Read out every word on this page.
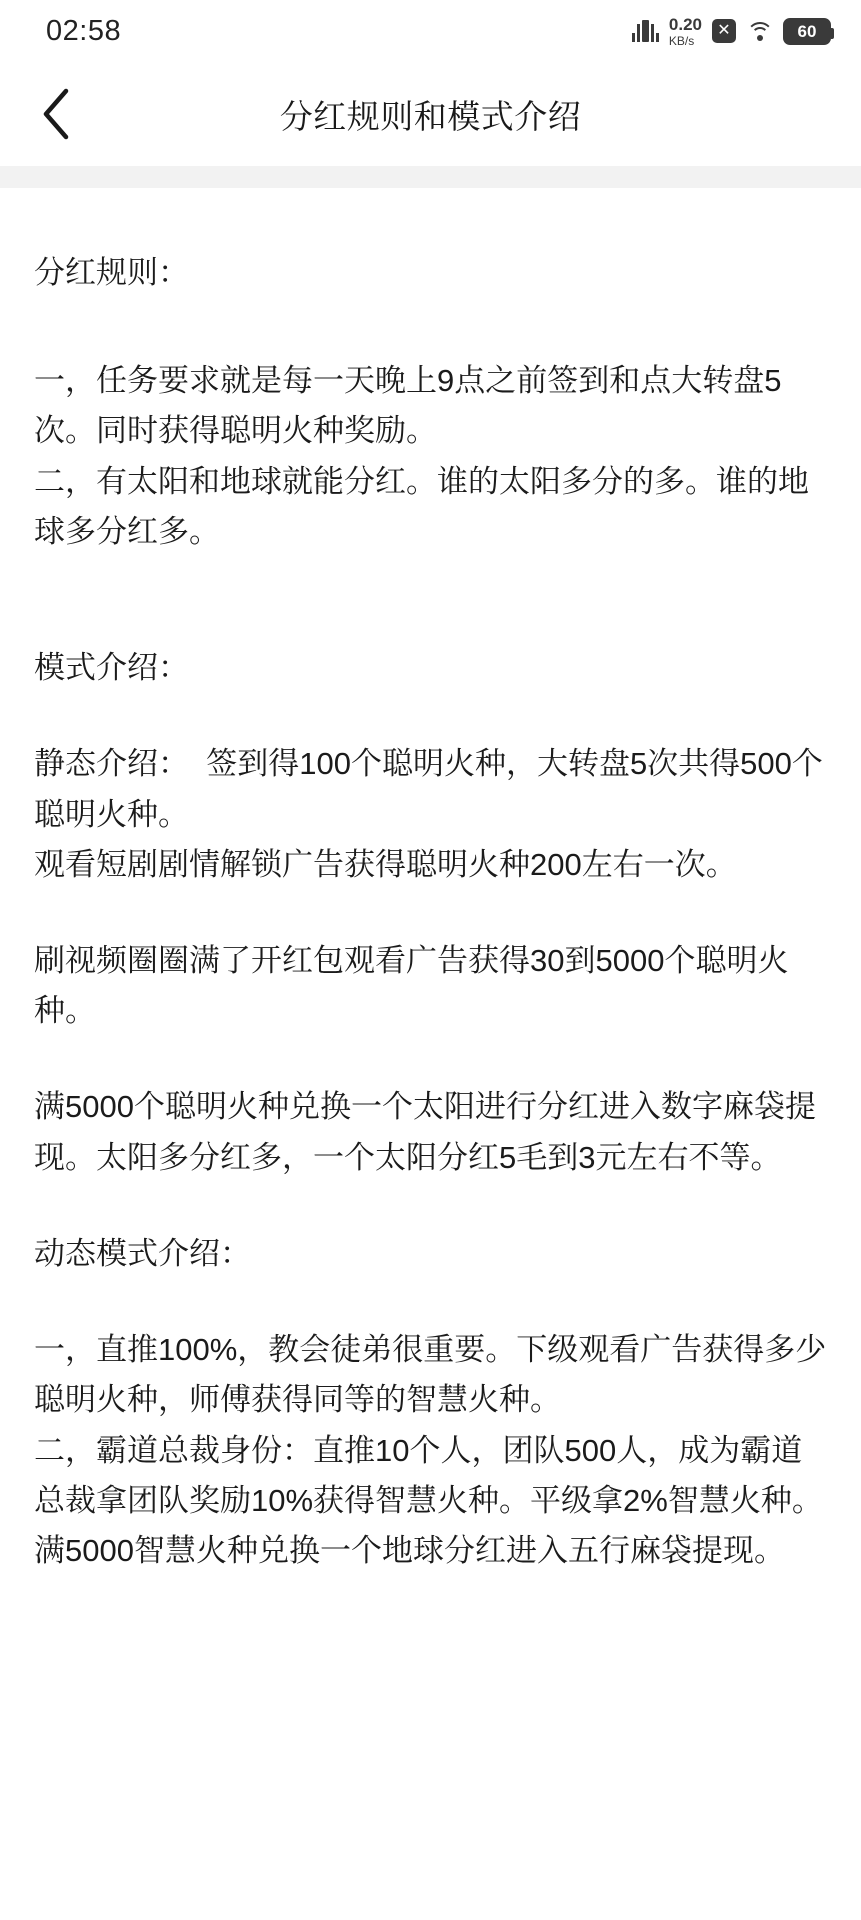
02:58	0.20
KB/s
✕	60
分红规则和模式介绍
分红规则：
一，任务要求就是每一天晚上9点之前签到和点大转盘5次。同时获得聪明火种奖励。
二，有太阳和地球就能分红。谁的太阳多分的多。谁的地球多分红多。
模式介绍：
静态介绍：  签到得100个聪明火种，大转盘5次共得500个聪明火种。
观看短剧剧情解锁广告获得聪明火种200左右一次。
刷视频圈圈满了开红包观看广告获得30到5000个聪明火种。
满5000个聪明火种兑换一个太阳进行分红进入数字麻袋提现。太阳多分红多，一个太阳分红5毛到3元左右不等。
动态模式介绍：
一，直推100%，教会徒弟很重要。下级观看广告获得多少聪明火种，师傅获得同等的智慧火种。
二，霸道总裁身份：直推10个人，团队500人，成为霸道总裁拿团队奖励10%获得智慧火种。平级拿2%智慧火种。满5000智慧火种兑换一个地球分红进入五行麻袋提现。
